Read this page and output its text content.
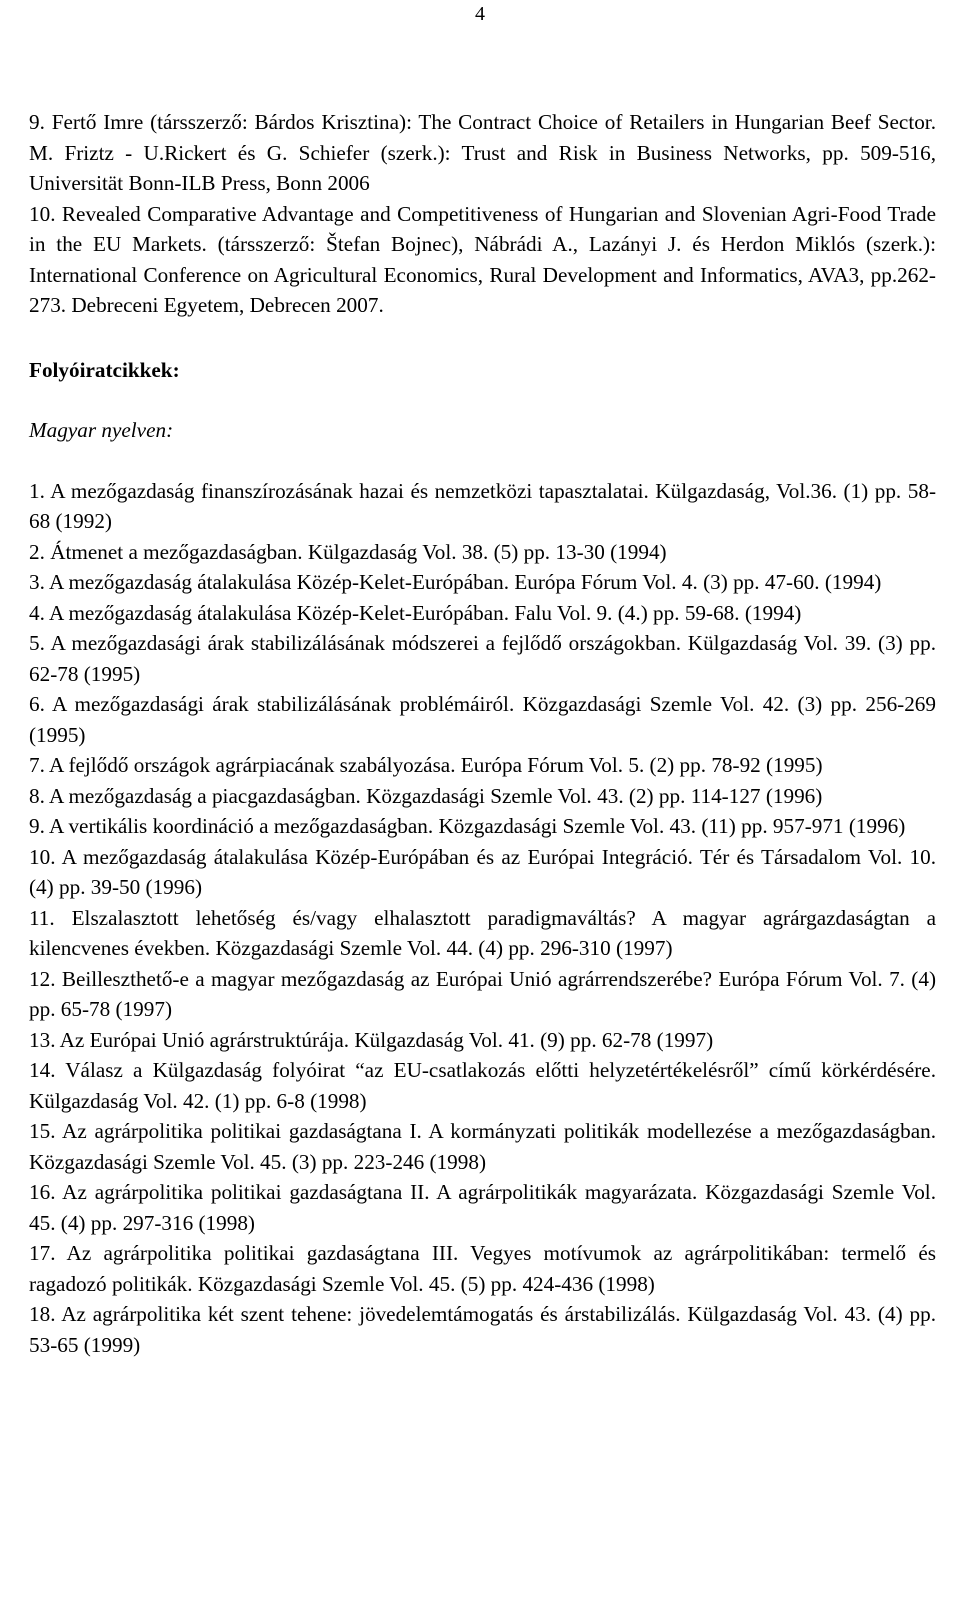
4

9. Fertő Imre (társszerző: Bárdos Krisztina): The Contract Choice of Retailers in Hungarian Beef Sector. M. Friztz - U.Rickert és G. Schiefer (szerk.): Trust and Risk in Business Networks, pp. 509-516, Universität Bonn-ILB Press, Bonn 2006

10. Revealed Comparative Advantage and Competitiveness of Hungarian and Slovenian Agri-Food Trade in the EU Markets. (társszerző: Štefan Bojnec), Nábrádi A., Lazányi J. és Herdon Miklós (szerk.): International Conference on Agricultural Economics, Rural Development and Informatics, AVA3, pp.262-273. Debreceni Egyetem, Debrecen 2007.

Folyóiratcikkek:

Magyar nyelven:

1. A mezőgazdaság finanszírozásának hazai és nemzetközi tapasztalatai. Külgazdaság, Vol.36. (1) pp. 58-68 (1992)

2. Átmenet a mezőgazdaságban. Külgazdaság Vol. 38. (5) pp. 13-30 (1994)

3. A mezőgazdaság átalakulása Közép-Kelet-Európában. Európa Fórum Vol. 4. (3) pp. 47-60. (1994)

4. A mezőgazdaság átalakulása Közép-Kelet-Európában. Falu Vol. 9. (4.) pp. 59-68. (1994)

5. A mezőgazdasági árak stabilizálásának módszerei a fejlődő országokban. Külgazdaság Vol. 39. (3) pp. 62-78 (1995)

6. A mezőgazdasági árak stabilizálásának problémáiról. Közgazdasági Szemle Vol. 42. (3) pp. 256-269 (1995)

7. A fejlődő országok agrárpiacának szabályozása. Európa Fórum Vol. 5. (2) pp. 78-92 (1995)

8. A mezőgazdaság a piacgazdaságban. Közgazdasági Szemle Vol. 43. (2) pp. 114-127 (1996)

9. A vertikális koordináció a mezőgazdaságban. Közgazdasági Szemle Vol. 43. (11) pp. 957-971 (1996)

10. A mezőgazdaság átalakulása Közép-Európában és az Európai Integráció. Tér és Társadalom Vol. 10. (4) pp. 39-50 (1996)

11. Elszalasztott lehetőség és/vagy elhalasztott paradigmaváltás? A magyar agrárgazdaságtan a kilencvenes években. Közgazdasági Szemle Vol. 44. (4) pp. 296-310 (1997)

12. Beilleszthető-e a magyar mezőgazdaság az Európai Unió agrárrendszerébe? Európa Fórum Vol. 7. (4) pp. 65-78 (1997)

13. Az Európai Unió agrárstruktúrája. Külgazdaság Vol. 41. (9) pp. 62-78 (1997)

14. Válasz a Külgazdaság folyóirat “az EU-csatlakozás előtti helyzetértékelésről” című körkérdésére. Külgazdaság Vol. 42. (1) pp. 6-8 (1998)

15. Az agrárpolitika politikai gazdaságtana I. A kormányzati politikák modellezése a mezőgazdaságban. Közgazdasági Szemle Vol. 45. (3) pp. 223-246 (1998)

16. Az agrárpolitika politikai gazdaságtana II. A agrárpolitikák magyarázata. Közgazdasági Szemle Vol. 45. (4) pp. 297-316 (1998)

17. Az agrárpolitika politikai gazdaságtana III. Vegyes motívumok az agrárpolitikában: termelő és ragadozó politikák. Közgazdasági Szemle Vol. 45. (5) pp. 424-436 (1998)

18. Az agrárpolitika két szent tehene: jövedelemtámogatás és árstabilizálás. Külgazdaság Vol. 43. (4) pp. 53-65 (1999)
